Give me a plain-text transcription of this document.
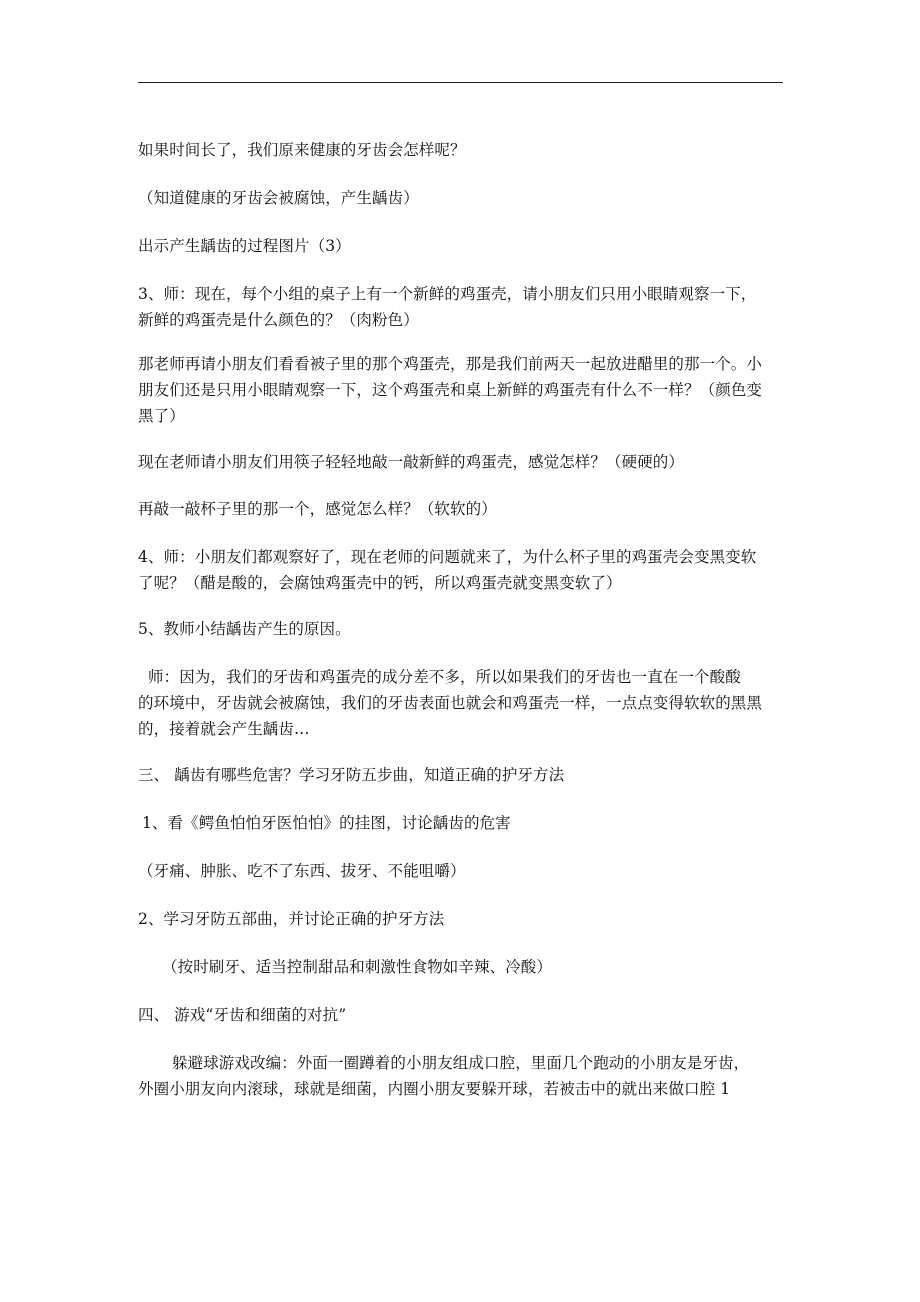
如果时间长了，我们原来健康的牙齿会怎样呢？
（知道健康的牙齿会被腐蚀，产生龋齿）
出示产生龋齿的过程图片（3）
3、师：现在，每个小组的桌子上有一个新鲜的鸡蛋壳，请小朋友们只用小眼睛观察一下，
新鲜的鸡蛋壳是什么颜色的？（肉粉色）
那老师再请小朋友们看看被子里的那个鸡蛋壳，那是我们前两天一起放进醋里的那一个。小
朋友们还是只用小眼睛观察一下，这个鸡蛋壳和桌上新鲜的鸡蛋壳有什么不一样？（颜色变
黑了）
现在老师请小朋友们用筷子轻轻地敲一敲新鲜的鸡蛋壳，感觉怎样？（硬硬的）
再敲一敲杯子里的那一个，感觉怎么样？（软软的）
4、师：小朋友们都观察好了，现在老师的问题就来了，为什么杯子里的鸡蛋壳会变黑变软
了呢？（醋是酸的，会腐蚀鸡蛋壳中的钙，所以鸡蛋壳就变黑变软了）
5、教师小结龋齿产生的原因。
师：因为，我们的牙齿和鸡蛋壳的成分差不多，所以如果我们的牙齿也一直在一个酸酸
的环境中，牙齿就会被腐蚀，我们的牙齿表面也就会和鸡蛋壳一样，一点点变得软软的黑黑
的，接着就会产生龋齿…
三、 龋齿有哪些危害？学习牙防五步曲，知道正确的护牙方法
1、看《鳄鱼怕怕牙医怕怕》的挂图，讨论龋齿的危害
（牙痛、肿胀、吃不了东西、拔牙、不能咀嚼）
2、学习牙防五部曲，并讨论正确的护牙方法
（按时刷牙、适当控制甜品和刺激性食物如辛辣、冷酸）
四、 游戏“牙齿和细菌的对抗”
躲避球游戏改编：外面一圈蹲着的小朋友组成口腔，里面几个跑动的小朋友是牙齿，
外圈小朋友向内滚球，球就是细菌，内圈小朋友要躲开球，若被击中的就出来做口腔 1
